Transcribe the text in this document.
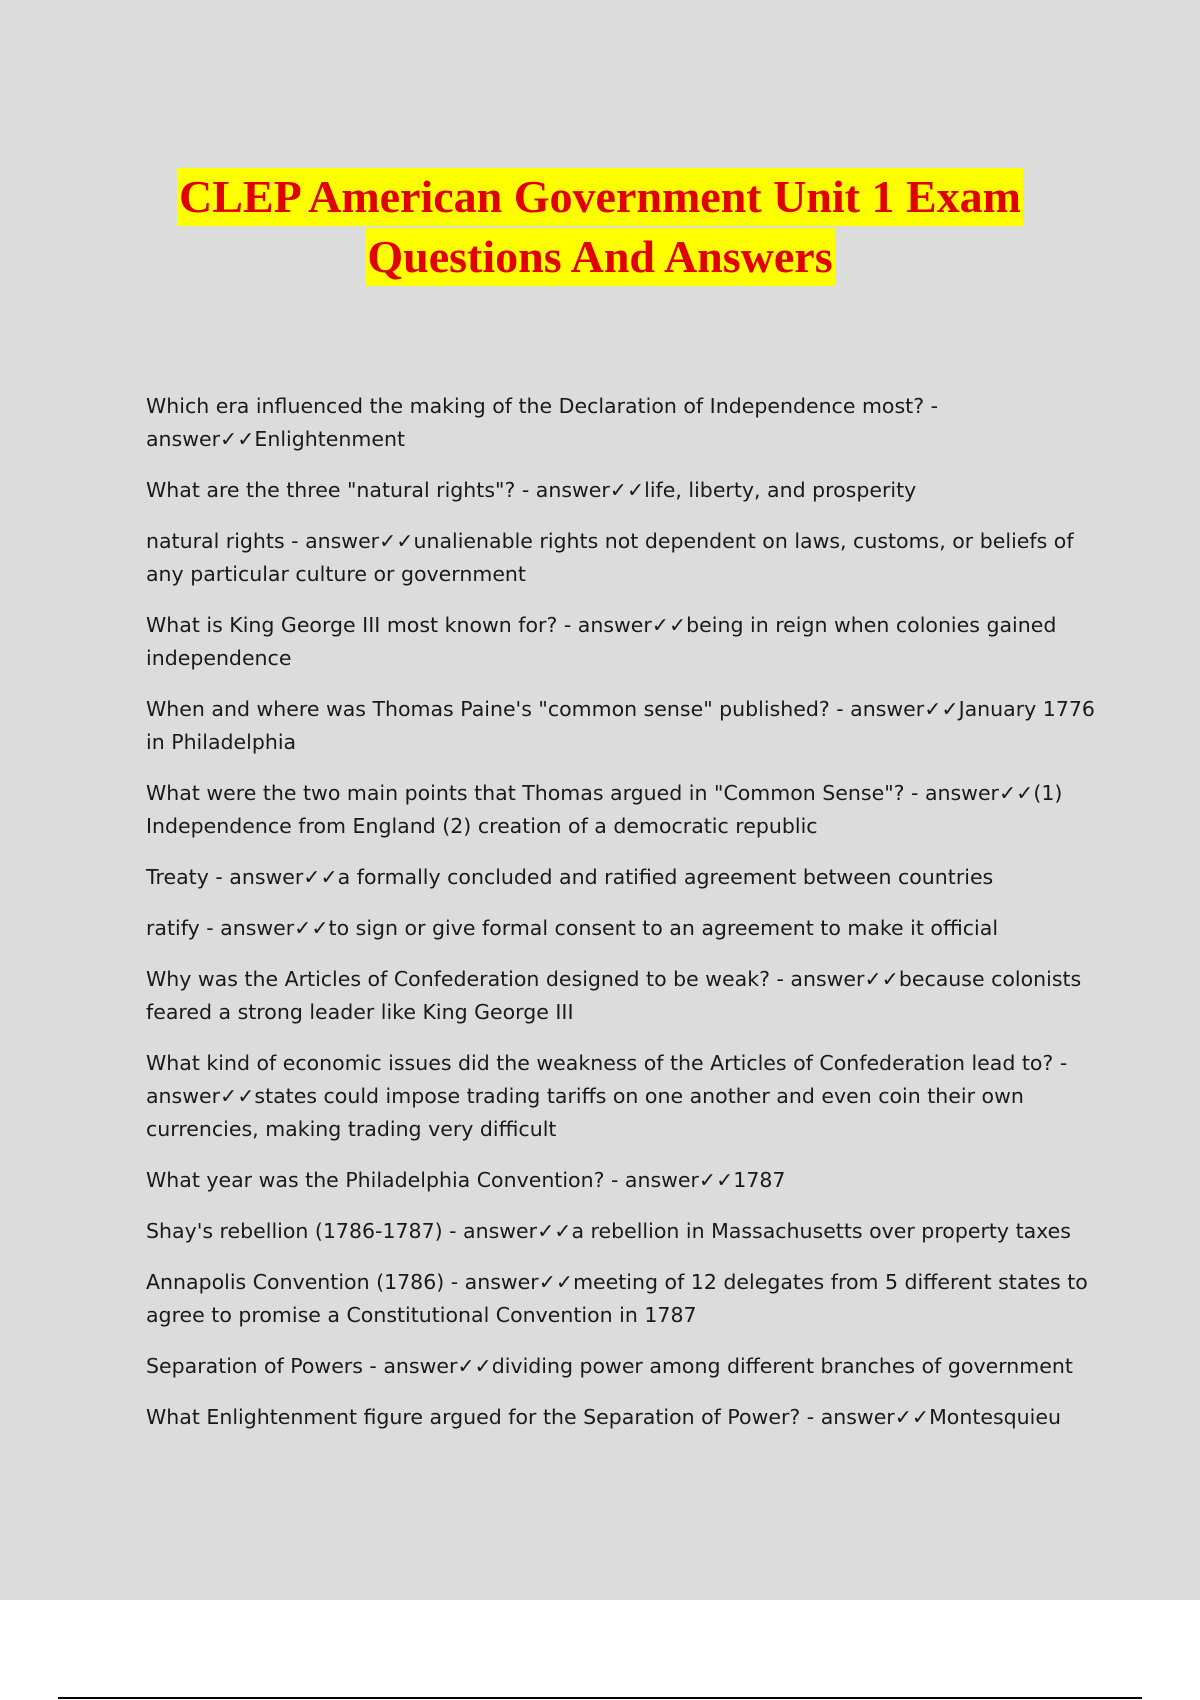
CLEP American Government Unit 1 Exam
Questions And Answers
Which era influenced the making of the Declaration of Independence most? - answer✓✓Enlightenment
What are the three "natural rights"? - answer✓✓life, liberty, and prosperity
natural rights - answer✓✓unalienable rights not dependent on laws, customs, or beliefs of any particular culture or government
What is King George III most known for? - answer✓✓being in reign when colonies gained independence
When and where was Thomas Paine's "common sense" published? - answer✓✓January 1776 in Philadelphia
What were the two main points that Thomas argued in "Common Sense"? - answer✓✓(1) Independence from England (2) creation of a democratic republic
Treaty - answer✓✓a formally concluded and ratified agreement between countries
ratify - answer✓✓to sign or give formal consent to an agreement to make it official
Why was the Articles of Confederation designed to be weak? - answer✓✓because colonists feared a strong leader like King George III
What kind of economic issues did the weakness of the Articles of Confederation lead to? - answer✓✓states could impose trading tariffs on one another and even coin their own currencies, making trading very difficult
What year was the Philadelphia Convention? - answer✓✓1787
Shay's rebellion (1786-1787) - answer✓✓a rebellion in Massachusetts over property taxes
Annapolis Convention (1786) - answer✓✓meeting of 12 delegates from 5 different states to agree to promise a Constitutional Convention in 1787
Separation of Powers - answer✓✓dividing power among different branches of government
What Enlightenment figure argued for the Separation of Power? - answer✓✓Montesquieu
